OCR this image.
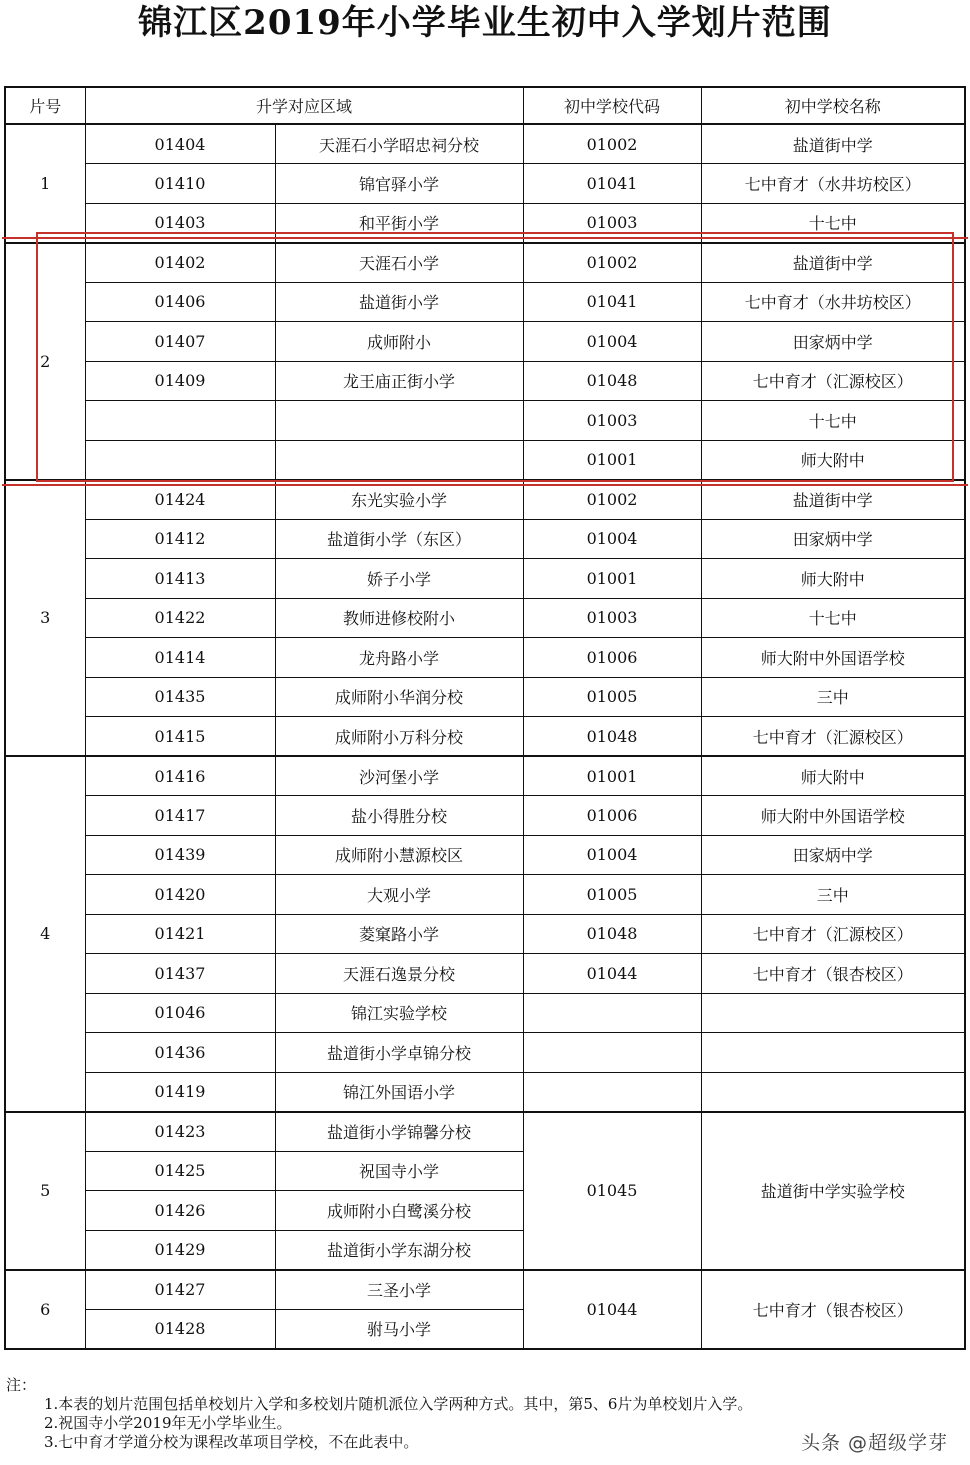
锦江区2019年小学毕业生初中入学划片范围
片号	升学对应区域		初中学校代码	初中学校名称
1	01404	天涯石小学昭忠祠分校	01002	盐道街中学
	01410	锦官驿小学	01041	七中育才（水井坊校区）
	01403	和平街小学	01003	十七中
2	01402	天涯石小学	01002	盐道街中学
	01406	盐道街小学	01041	七中育才（水井坊校区）
	01407	成师附小	01004	田家炳中学
	01409	龙王庙正街小学	01048	七中育才（汇源校区）
			01003	十七中
			01001	师大附中
3	01424	东光实验小学	01002	盐道街中学
	01412	盐道街小学（东区）	01004	田家炳中学
	01413	娇子小学	01001	师大附中
	01422	教师进修校附小	01003	十七中
	01414	龙舟路小学	01006	师大附中外国语学校
	01435	成师附小华润分校	01005	三中
	01415	成师附小万科分校	01048	七中育才（汇源校区）
4	01416	沙河堡小学	01001	师大附中
	01417	盐小得胜分校	01006	师大附中外国语学校
	01439	成师附小慧源校区	01004	田家炳中学
	01420	大观小学	01005	三中
	01421	菱窠路小学	01048	七中育才（汇源校区）
	01437	天涯石逸景分校	01044	七中育才（银杏校区）
	01046	锦江实验学校		
	01436	盐道街小学卓锦分校		
	01419	锦江外国语小学		
5	01423	盐道街小学锦馨分校	01045	盐道街中学实验学校
	01425	祝国寺小学		
	01426	成师附小白鹭溪分校		
	01429	盐道街小学东湖分校		
6	01427	三圣小学	01044	七中育才（银杏校区）
	01428	驸马小学		
注：
1.本表的划片范围包括单校划片入学和多校划片随机派位入学两种方式。其中，第5、6片为单校划片入学。
2.祝国寺小学2019年无小学毕业生。
3.七中育才学道分校为课程改革项目学校，不在此表中。	头条 @超级学芽
